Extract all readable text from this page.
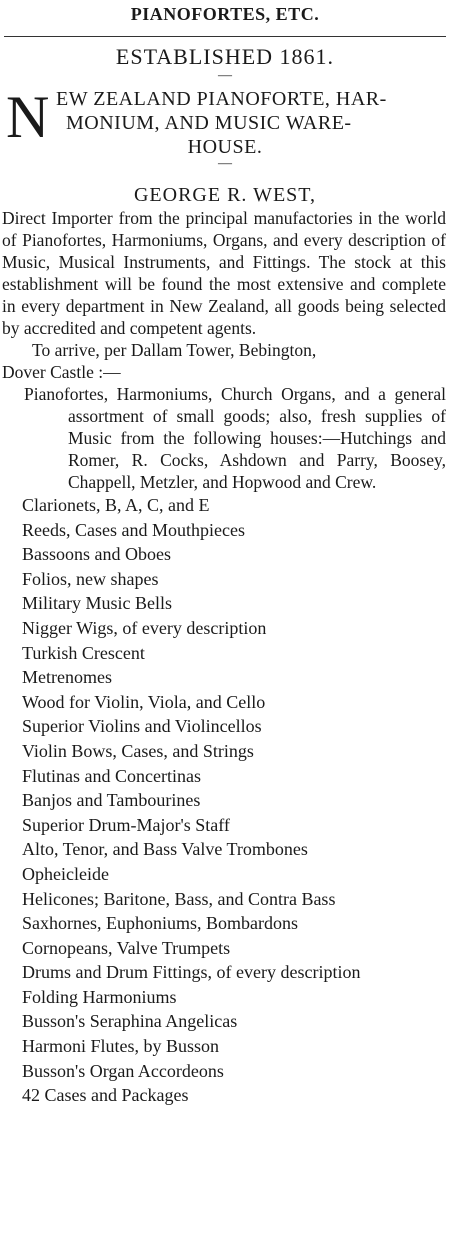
PIANOFORTES, ETC.
ESTABLISHED 1861.
—
N EW ZEALAND PIANOFORTE, HAR-
MONIUM, AND MUSIC WARE-
HOUSE.
—
GEORGE R. WEST,
Direct Importer from the principal manufactories in the world of Pianofortes, Harmoniums, Organs, and every description of Music, Musical Instruments, and Fittings. The stock at this establishment will be found the most extensive and complete in every department in New Zealand, all goods being selected by accredited and competent agents.
To arrive, per Dallam Tower, Bebington,
Dover Castle :—
Pianofortes, Harmoniums, Church Organs, and a general assortment of small goods; also, fresh supplies of Music from the following houses:—Hutchings and Romer, R. Cocks, Ashdown and Parry, Boosey, Chappell, Metzler, and Hopwood and Crew.
Clarionets, B, A, C, and E
Reeds, Cases and Mouthpieces
Bassoons and Oboes
Folios, new shapes
Military Music Bells
Nigger Wigs, of every description
Turkish Crescent
Metrenomes
Wood for Violin, Viola, and Cello
Superior Violins and Violincellos
Violin Bows, Cases, and Strings
Flutinas and Concertinas
Banjos and Tambourines
Superior Drum-Major's Staff
Alto, Tenor, and Bass Valve Trombones
Opheicleide
Helicones; Baritone, Bass, and Contra Bass
Saxhornes, Euphoniums, Bombardons
Cornopeans, Valve Trumpets
Drums and Drum Fittings, of every description
Folding Harmoniums
Busson's Seraphina Angelicas
Harmoni Flutes, by Busson
Busson's Organ Accordeons
42 Cases and Packages
